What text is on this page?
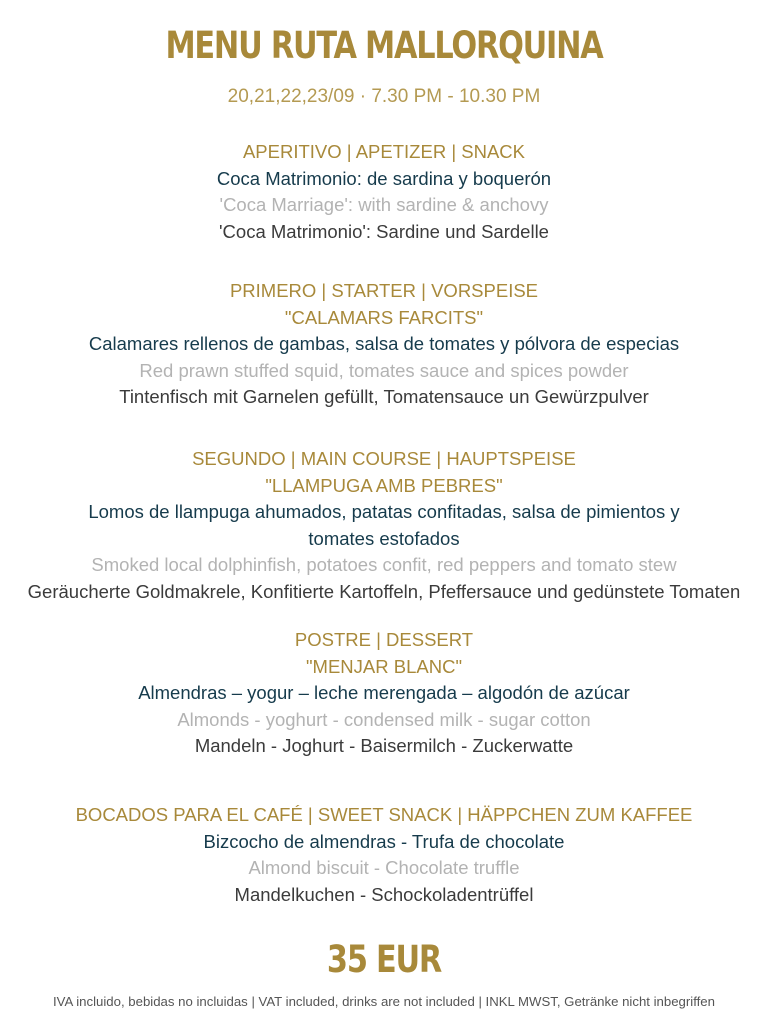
MENU RUTA MALLORQUINA
20,21,22,23/09 · 7.30 PM - 10.30 PM
APERITIVO | APETIZER | SNACK
Coca Matrimonio: de sardina y boquerón
'Coca Marriage': with sardine & anchovy
'Coca Matrimonio': Sardine und Sardelle
PRIMERO | STARTER | VORSPEISE
"CALAMARS FARCITS"
Calamares rellenos de gambas, salsa de tomates y pólvora de especias
Red prawn stuffed squid, tomates sauce and spices powder
Tintenfisch mit Garnelen gefüllt, Tomatensauce un Gewürzpulver
SEGUNDO | MAIN COURSE | HAUPTSPEISE
"LLAMPUGA AMB PEBRES"
Lomos de llampuga ahumados, patatas confitadas, salsa de pimientos y
tomates estofados
Smoked local dolphinfish, potatoes confit, red peppers and tomato stew
Geräucherte Goldmakrele, Konfitierte Kartoffeln, Pfeffersauce und gedünstete Tomaten
POSTRE | DESSERT
"MENJAR BLANC"
Almendras – yogur – leche merengada – algodón de azúcar
Almonds - yoghurt - condensed milk - sugar cotton
Mandeln - Joghurt - Baisermilch - Zuckerwatte
BOCADOS PARA EL CAFÉ | SWEET SNACK | HÄPPCHEN ZUM KAFFEE
Bizcocho de almendras - Trufa de chocolate
Almond biscuit - Chocolate truffle
Mandelkuchen - Schockoladentrüffel
35 EUR
IVA incluido, bebidas no incluidas | VAT included, drinks are not included | INKL MWST, Getränke nicht inbegriffen
